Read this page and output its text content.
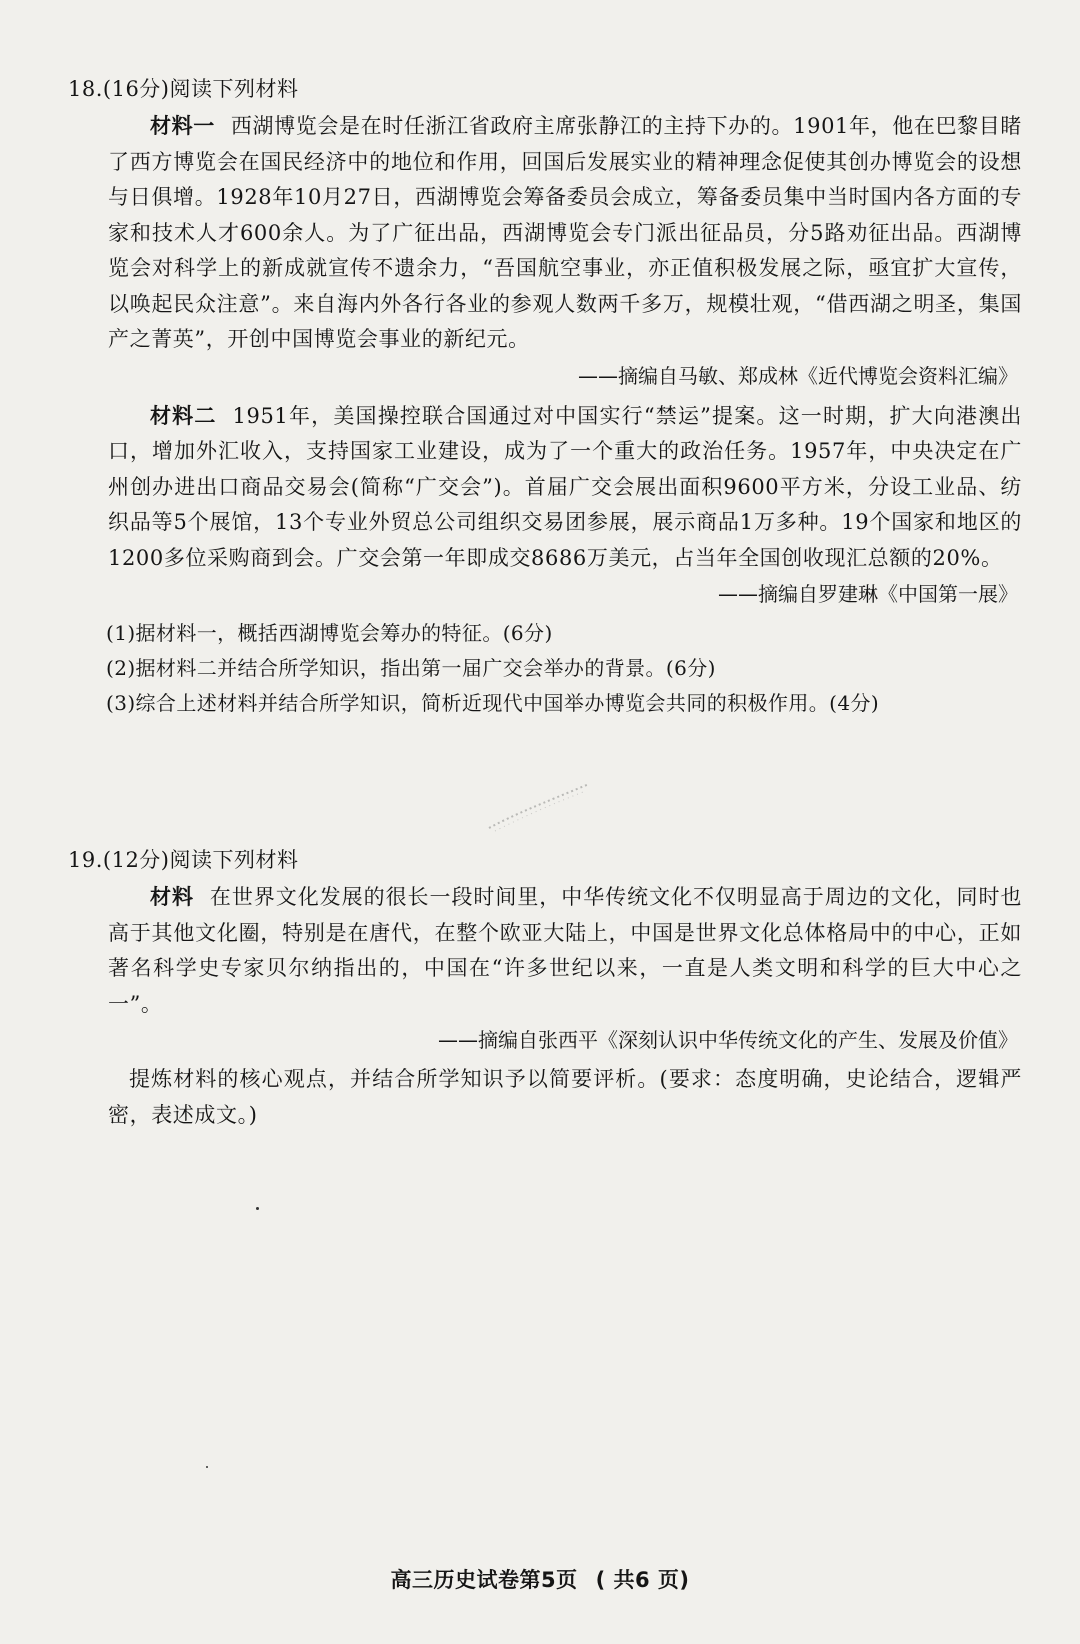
18.(16分)阅读下列材料

材料一 西湖博览会是在时任浙江省政府主席张静江的主持下办的。1901年，他在巴黎目睹了西方博览会在国民经济中的地位和作用，回国后发展实业的精神理念促使其创办博览会的设想与日俱增。1928年10月27日，西湖博览会筹备委员会成立，筹备委员集中当时国内各方面的专家和技术人才600余人。为了广征出品，西湖博览会专门派出征品员，分5路劝征出品。西湖博览会对科学上的新成就宣传不遗余力，“吾国航空事业，亦正值积极发展之际，亟宜扩大宣传，以唤起民众注意”。来自海内外各行各业的参观人数两千多万，规模壮观，“借西湖之明圣，集国产之菁英”，开创中国博览会事业的新纪元。

——摘编自马敏、郑成林《近代博览会资料汇编》

材料二 1951年，美国操控联合国通过对中国实行“禁运”提案。这一时期，扩大向港澳出口，增加外汇收入，支持国家工业建设，成为了一个重大的政治任务。1957年，中央决定在广州创办进出口商品交易会(简称“广交会”)。首届广交会展出面积9600平方米，分设工业品、纺织品等5个展馆，13个专业外贸总公司组织交易团参展，展示商品1万多种。19个国家和地区的1200多位采购商到会。广交会第一年即成交8686万美元，占当年全国创收现汇总额的20%。

——摘编自罗建琳《中国第一展》
(1)据材料一，概括西湖博览会筹办的特征。(6分)
(2)据材料二并结合所学知识，指出第一届广交会举办的背景。(6分)
(3)综合上述材料并结合所学知识，简析近现代中国举办博览会共同的积极作用。(4分)
19.(12分)阅读下列材料

材料 在世界文化发展的很长一段时间里，中华传统文化不仅明显高于周边的文化，同时也高于其他文化圈，特别是在唐代，在整个欧亚大陆上，中国是世界文化总体格局中的中心，正如著名科学史专家贝尔纳指出的，中国在“许多世纪以来，一直是人类文明和科学的巨大中心之一”。

——摘编自张西平《深刻认识中华传统文化的产生、发展及价值》

提炼材料的核心观点，并结合所学知识予以简要评析。(要求：态度明确，史论结合，逻辑严密，表述成文。)

高三历史试卷第5页 ( 共6 页)
